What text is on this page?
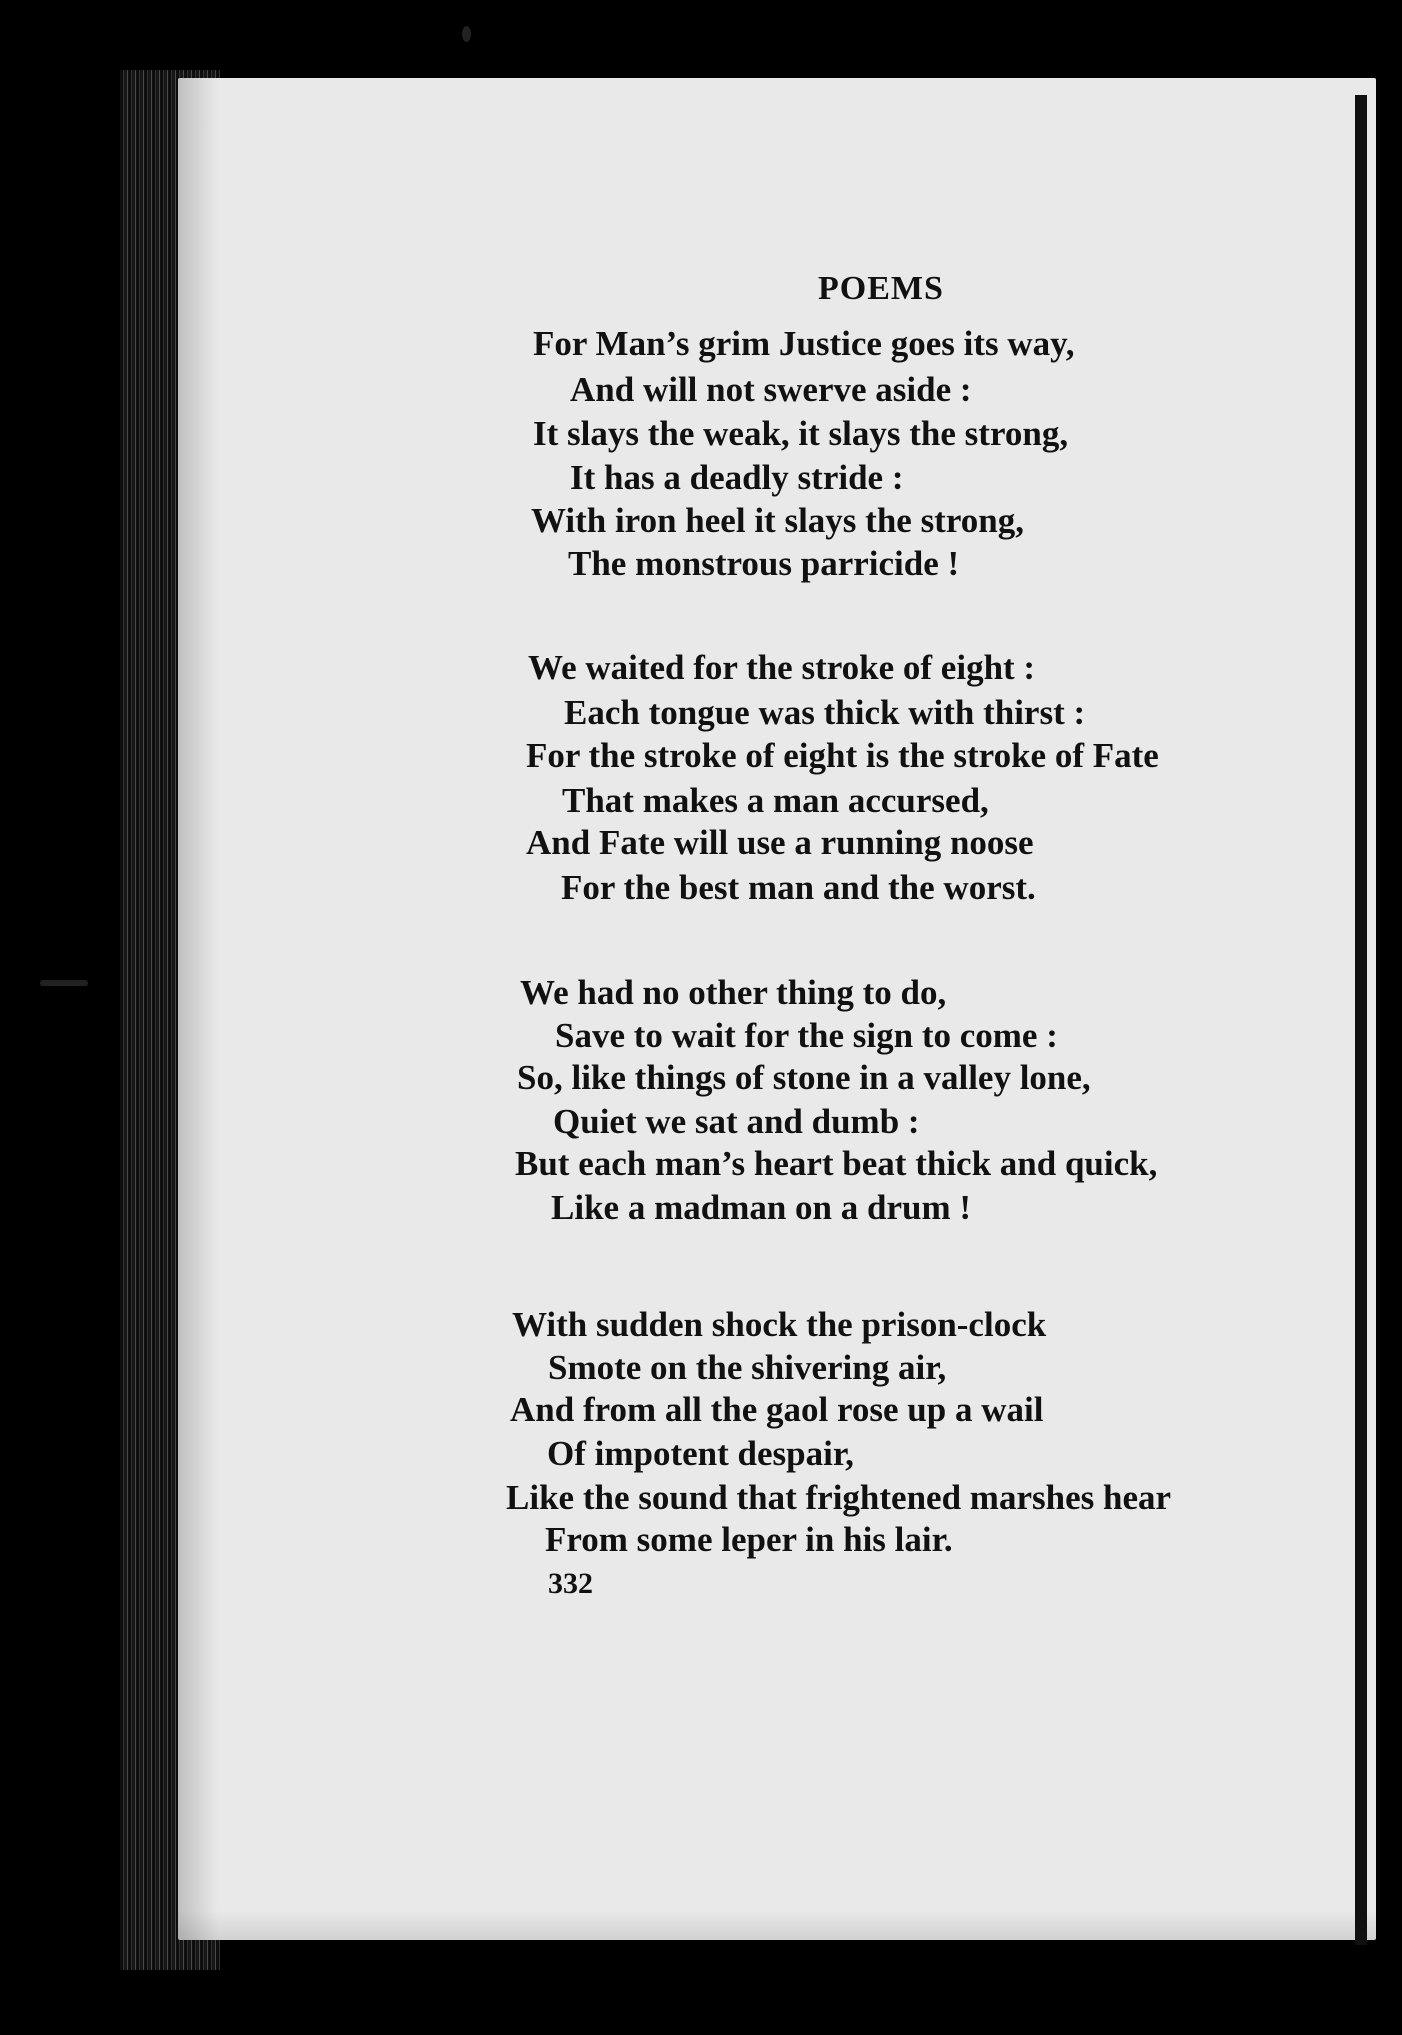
POEMS
For Man’s grim Justice goes its way,
And will not swerve aside :
It slays the weak, it slays the strong,
It has a deadly stride :
With iron heel it slays the strong,
The monstrous parricide !
We waited for the stroke of eight :
Each tongue was thick with thirst :
For the stroke of eight is the stroke of Fate
That makes a man accursed,
And Fate will use a running noose
For the best man and the worst.
We had no other thing to do,
Save to wait for the sign to come :
So, like things of stone in a valley lone,
Quiet we sat and dumb :
But each man’s heart beat thick and quick,
Like a madman on a drum !
With sudden shock the prison-clock
Smote on the shivering air,
And from all the gaol rose up a wail
Of impotent despair,
Like the sound that frightened marshes hear
From some leper in his lair.
332
